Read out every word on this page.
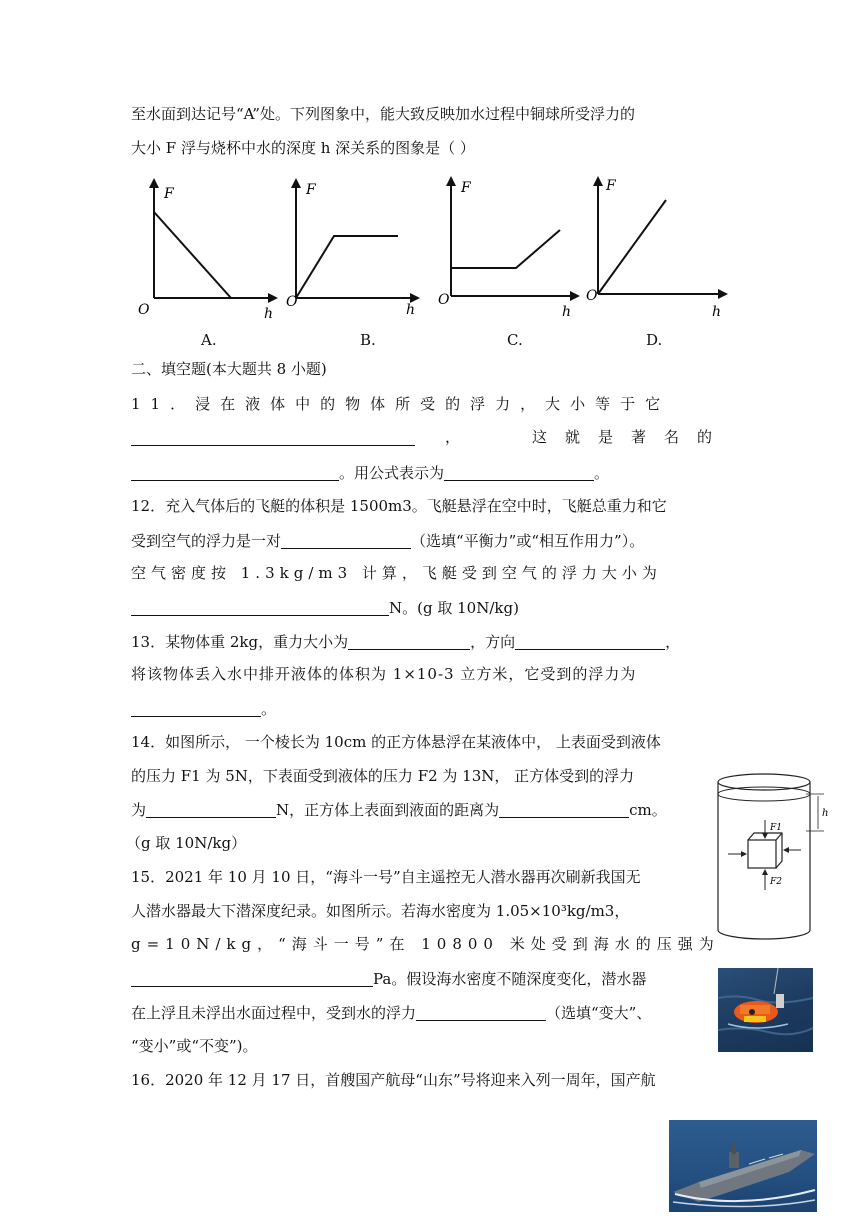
至水面到达记号“A”处。下列图象中，能大致反映加水过程中铜球所受浮力的
大小 F 浮与烧杯中水的深度 h 深关系的图象是（ ）
F
O	h
F
O	h
F
O
h
F
O
h
A.	B.	C.	D.
二、填空题(本大题共 8 小题)
11．浸在液体中的物体所受的浮力，大小等于它
，	这就是著名的
。用公式表示为	。
12．充入气体后的飞艇的体积是 1500m3。飞艇悬浮在空中时，飞艇总重力和它
受到空气的浮力是一对	（选填“平衡力”或“相互作用力”）。
空气密度按 1.3kg/m3 计算，飞艇受到空气的浮力大小为
N。(g 取 10N/kg)
13．某物体重 2kg，重力大小为	，方向	，
将该物体丢入水中排开液体的体积为 1×10-3 立方米，它受到的浮力为
。
14．如图所示， 一个棱长为 10cm 的正方体悬浮在某液体中， 上表面受到液体
的压力 F1 为 5N，下表面受到液体的压力 F2 为 13N， 正方体受到的浮力
为	N，正方体上表面到液面的距离为	cm。
（g 取 10N/kg）
h
F1
F2
15．2021 年 10 月 10 日，“海斗一号”自主遥控无人潜水器再次刷新我国无
人潜水器最大下潜深度纪录。如图所示。若海水密度为 1.05×10³kg/m3，
g=10N/kg，“海斗一号”在 10800 米处受到海水的压强为
Pa。假设海水密度不随深度变化，潜水器
在上浮且未浮出水面过程中，受到水的浮力	（选填“变大”、
“变小”或“不变”)。
16．2020 年 12 月 17 日，首艘国产航母“山东”号将迎来入列一周年，国产航
